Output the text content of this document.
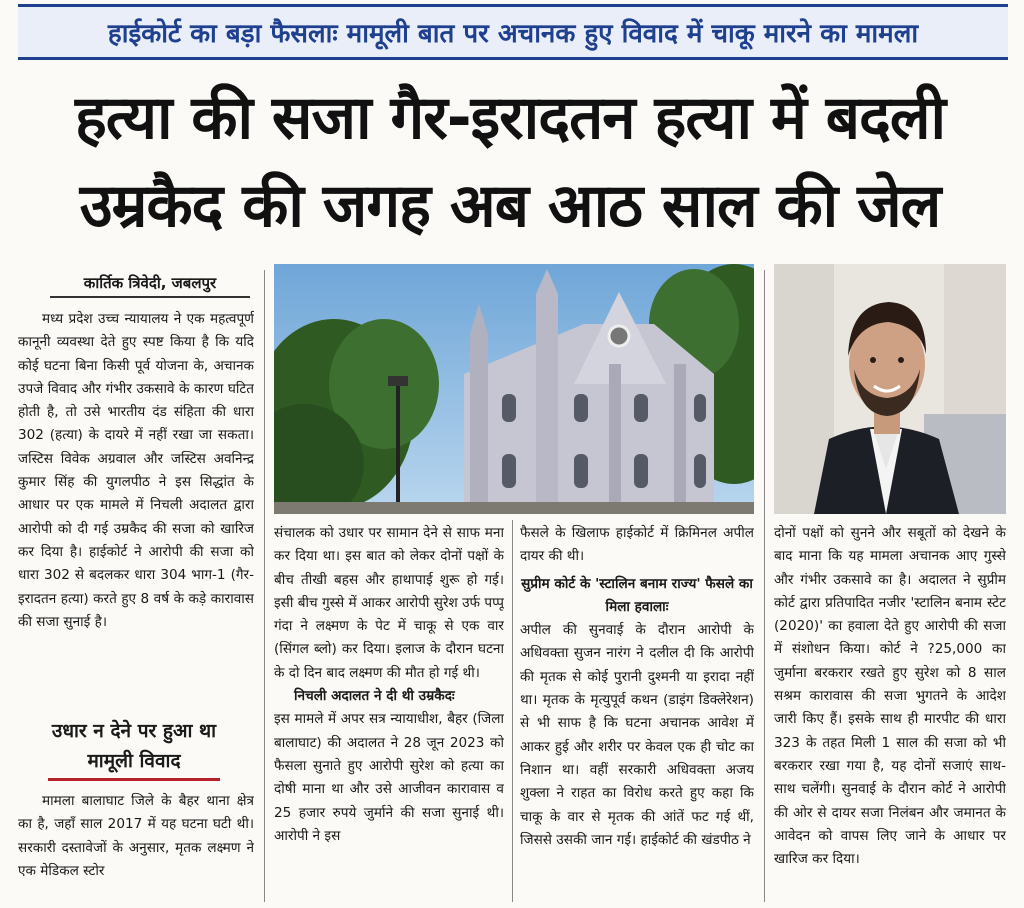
हाईकोर्ट का बड़ा फैसलाः मामूली बात पर अचानक हुए विवाद में चाकू मारने का मामला
हत्या की सजा गैर-इरादतन हत्या में बदली
उम्रकैद की जगह अब आठ साल की जेल
कार्तिक त्रिवेदी, जबलपुर

मध्य प्रदेश उच्च न्यायालय ने एक महत्वपूर्ण कानूनी व्यवस्था देते हुए स्पष्ट किया है कि यदि कोई घटना बिना किसी पूर्व योजना के, अचानक उपजे विवाद और गंभीर उकसावे के कारण घटित होती है, तो उसे भारतीय दंड संहिता की धारा 302 (हत्या) के दायरे में नहीं रखा जा सकता। जस्टिस विवेक अग्रवाल और जस्टिस अवनिन्द्र कुमार सिंह की युगलपीठ ने इस सिद्धांत के आधार पर एक मामले में निचली अदालत द्वारा आरोपी को दी गई उम्रकैद की सजा को खारिज कर दिया है। हाईकोर्ट ने आरोपी की सजा को धारा 302 से बदलकर धारा 304 भाग-1 (गैर-इरादतन हत्या) करते हुए 8 वर्ष के कड़े कारावास की सजा सुनाई है।

उधार न देने पर हुआ था
मामूली विवाद

मामला बालाघाट जिले के बैहर थाना क्षेत्र का है, जहाँ साल 2017 में यह घटना घटी थी। सरकारी दस्तावेजों के अनुसार, मृतक लक्ष्मण ने एक मेडिकल स्टोर

संचालक को उधार पर सामान देने से साफ मना कर दिया था। इस बात को लेकर दोनों पक्षों के बीच तीखी बहस और हाथापाई शुरू हो गई। इसी बीच गुस्से में आकर आरोपी सुरेश उर्फ पप्पू गंदा ने लक्ष्मण के पेट में चाकू से एक वार (सिंगल ब्लो) कर दिया। इलाज के दौरान घटना के दो दिन बाद लक्ष्मण की मौत हो गई थी।

निचली अदालत ने दी थी उम्रकैदः

इस मामले में अपर सत्र न्यायाधीश, बैहर (जिला बालाघाट) की अदालत ने 28 जून 2023 को फैसला सुनाते हुए आरोपी सुरेश को हत्या का दोषी माना था और उसे आजीवन कारावास व 25 हजार रुपये जुर्माने की सजा सुनाई थी। आरोपी ने इस

फैसले के खिलाफ हाईकोर्ट में क्रिमिनल अपील दायर की थी।

सुप्रीम कोर्ट के 'स्टालिन बनाम राज्य' फैसले का मिला हवालाः

अपील की सुनवाई के दौरान आरोपी के अधिवक्ता सुजन नारंग ने दलील दी कि आरोपी की मृतक से कोई पुरानी दुश्मनी या इरादा नहीं था। मृतक के मृत्युपूर्व कथन (डाइंग डिक्लेरेशन) से भी साफ है कि घटना अचानक आवेश में आकर हुई और शरीर पर केवल एक ही चोट का निशान था। वहीं सरकारी अधिवक्ता अजय शुक्ला ने राहत का विरोध करते हुए कहा कि चाकू के वार से मृतक की आंतें फट गई थीं, जिससे उसकी जान गई। हाईकोर्ट की खंडपीठ ने

दोनों पक्षों को सुनने और सबूतों को देखने के बाद माना कि यह मामला अचानक आए गुस्से और गंभीर उकसावे का है। अदालत ने सुप्रीम कोर्ट द्वारा प्रतिपादित नजीर 'स्टालिन बनाम स्टेट (2020)' का हवाला देते हुए आरोपी की सजा में संशोधन किया। कोर्ट ने ?25,000 का जुर्माना बरकरार रखते हुए सुरेश को 8 साल सश्रम कारावास की सजा भुगतने के आदेश जारी किए हैं। इसके साथ ही मारपीट की धारा 323 के तहत मिली 1 साल की सजा को भी बरकरार रखा गया है, यह दोनों सजाएं साथ-साथ चलेंगी। सुनवाई के दौरान कोर्ट ने आरोपी की ओर से दायर सजा निलंबन और जमानत के आवेदन को वापस लिए जाने के आधार पर खारिज कर दिया।
